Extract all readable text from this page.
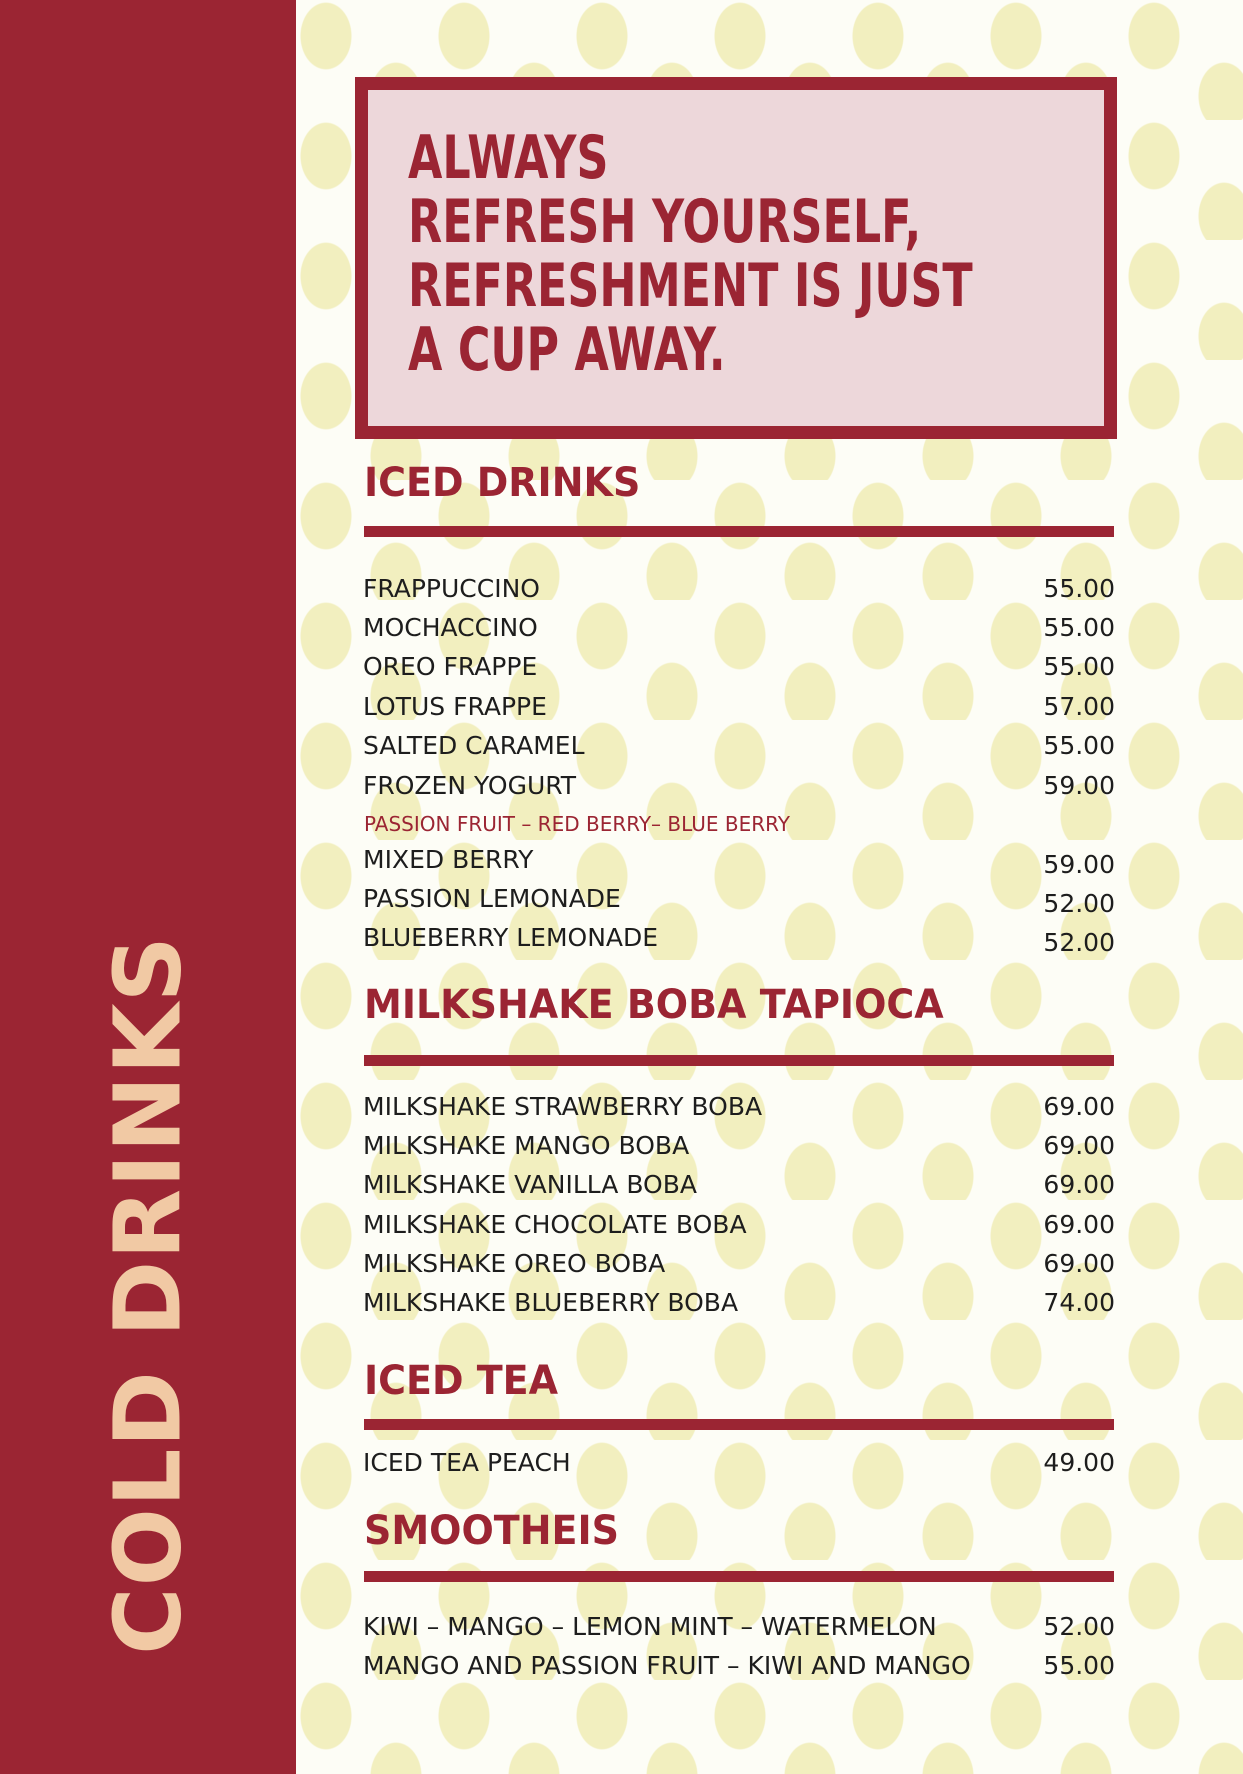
COLD DRINKS
ALWAYS
REFRESH YOURSELF,
REFRESHMENT IS JUST
A CUP AWAY.
ICED DRINKS
FRAPPUCCINO	55.00
MOCHACCINO	55.00
OREO FRAPPE	55.00
LOTUS FRAPPE	57.00
SALTED CARAMEL	55.00
FROZEN YOGURT	59.00
PASSION FRUIT – RED BERRY– BLUE BERRY
MIXED BERRY	59.00
PASSION LEMONADE	52.00
BLUEBERRY LEMONADE	52.00
MILKSHAKE BOBA TAPIOCA
MILKSHAKE STRAWBERRY BOBA	69.00
MILKSHAKE MANGO BOBA	69.00
MILKSHAKE VANILLA BOBA	69.00
MILKSHAKE CHOCOLATE BOBA	69.00
MILKSHAKE OREO BOBA	69.00
MILKSHAKE BLUEBERRY BOBA	74.00
ICED TEA
ICED TEA PEACH	49.00
SMOOTHEIS
KIWI – MANGO – LEMON MINT – WATERMELON	52.00
MANGO AND PASSION FRUIT – KIWI AND MANGO	55.00
